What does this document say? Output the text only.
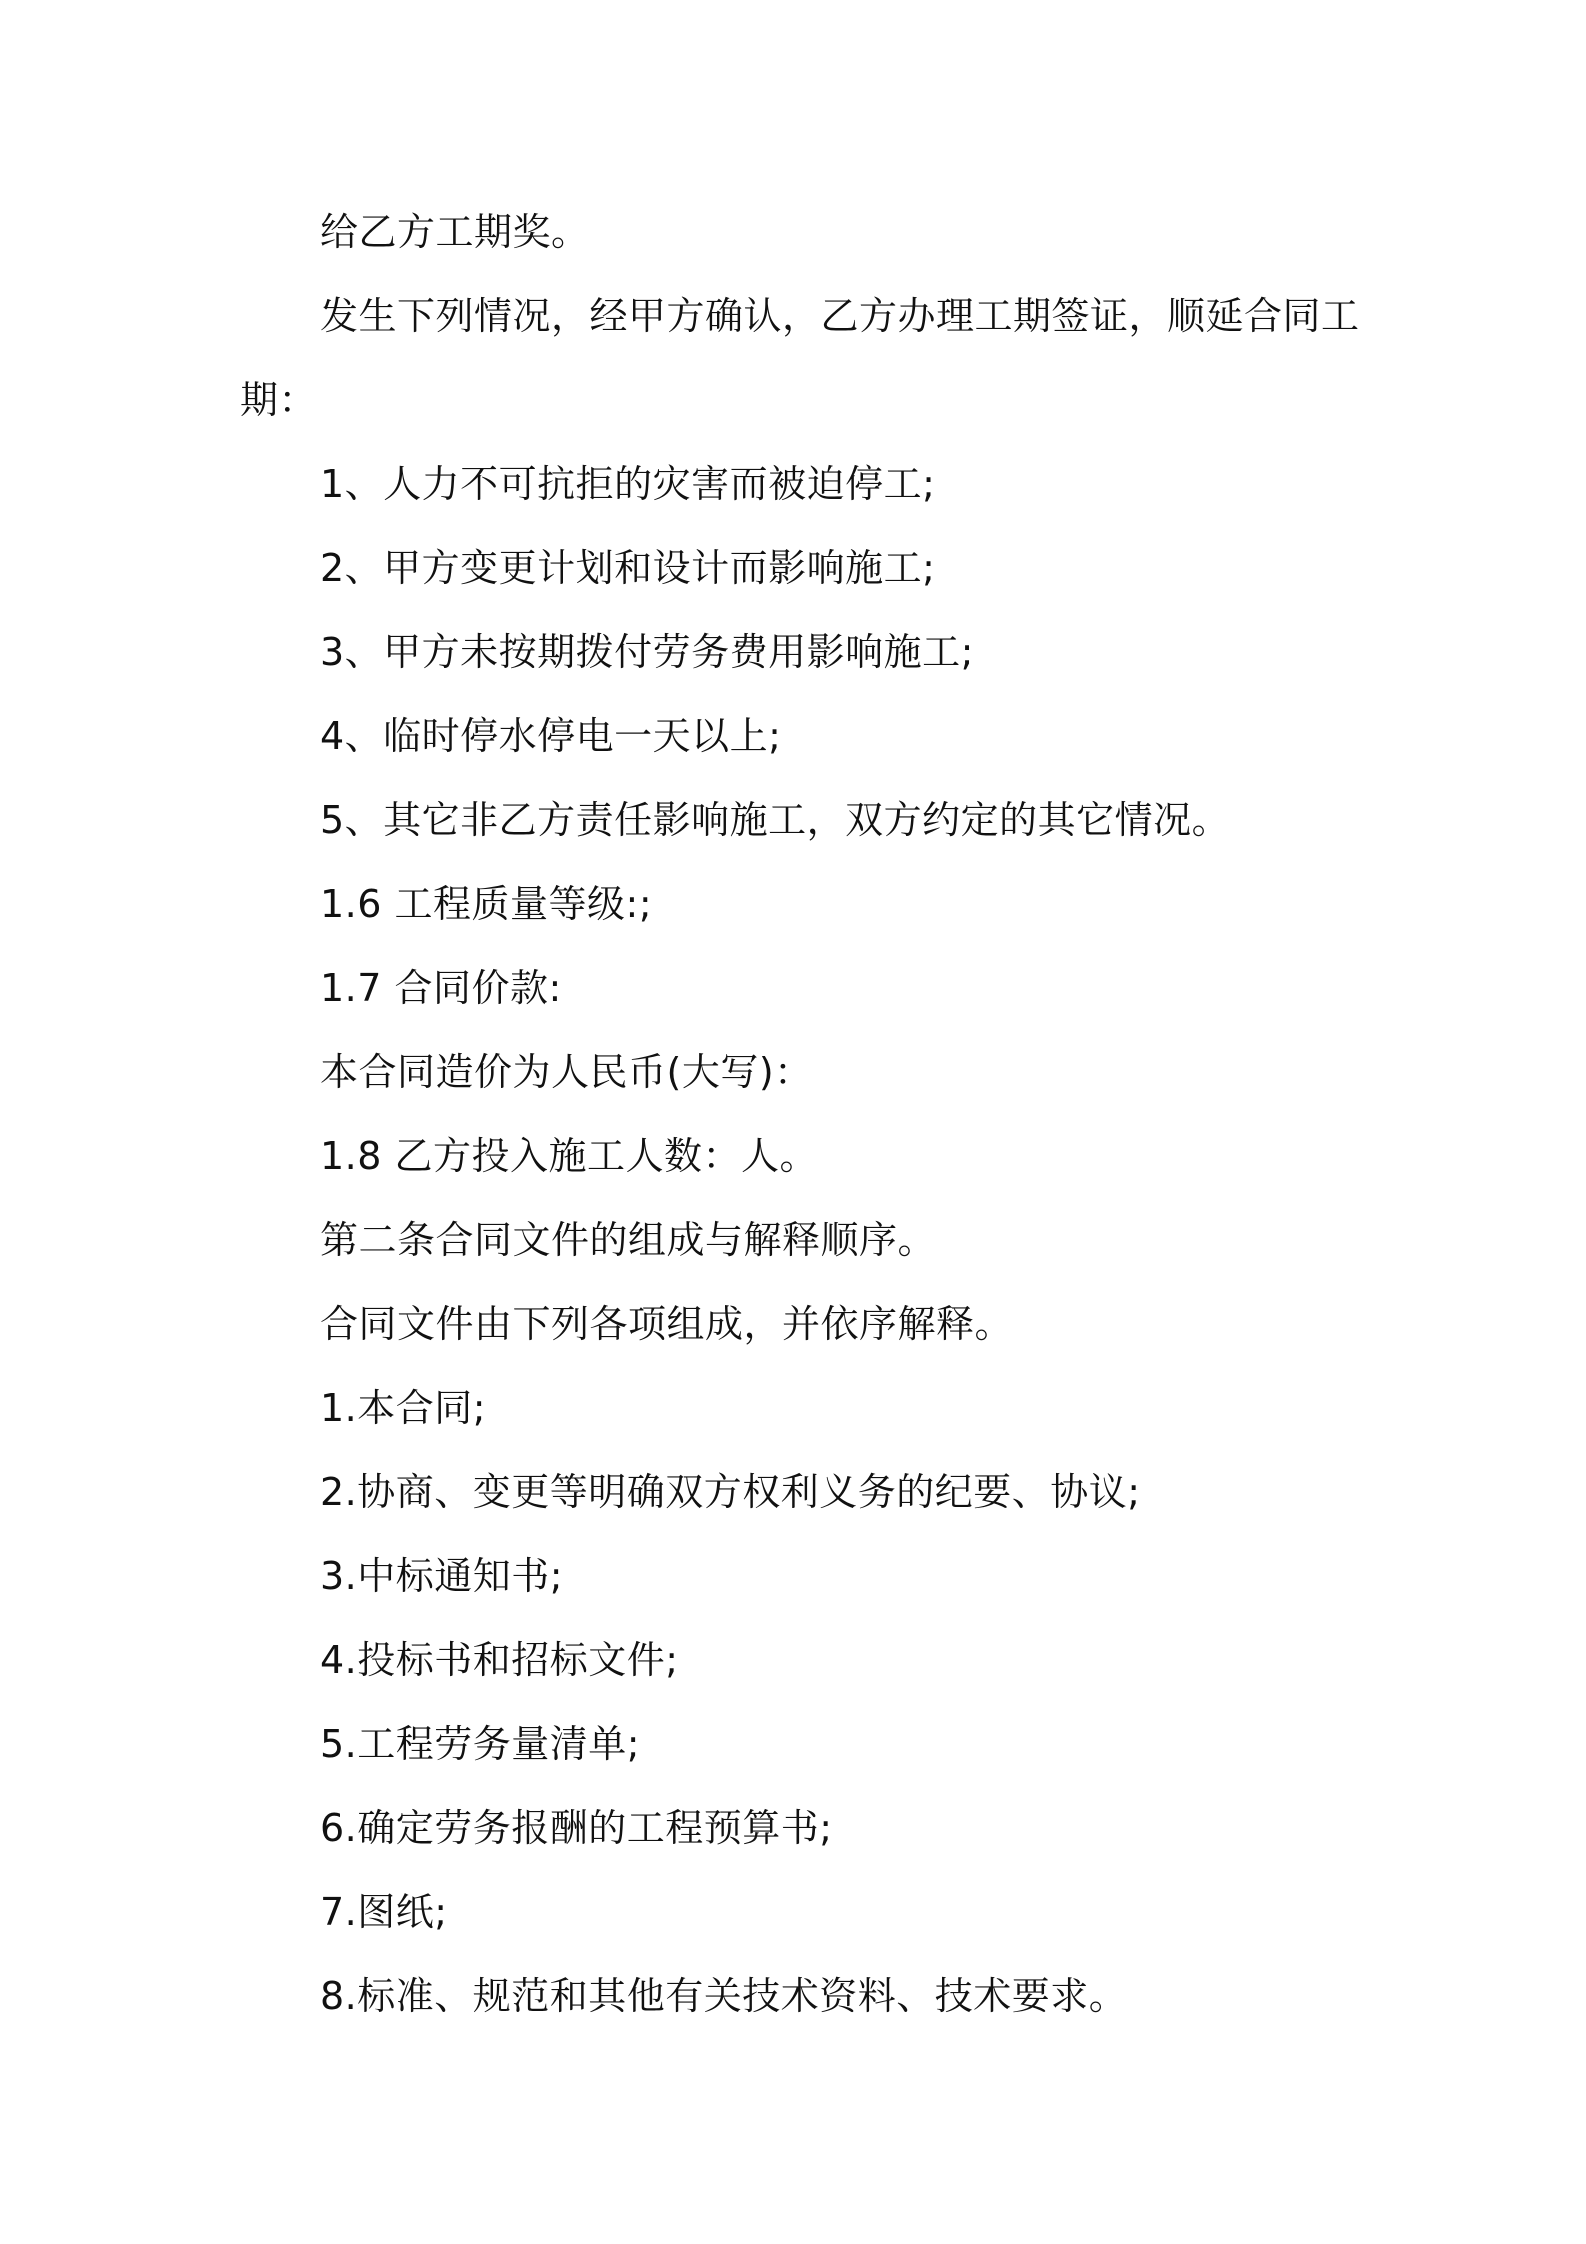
给乙方工期奖。

发生下列情况，经甲方确认，乙方办理工期签证，顺延合同工期：

1、人力不可抗拒的灾害而被迫停工;

2、甲方变更计划和设计而影响施工;

3、甲方未按期拨付劳务费用影响施工;

4、临时停水停电一天以上;

5、其它非乙方责任影响施工，双方约定的其它情况。

1.6 工程质量等级:;

1.7 合同价款:

本合同造价为人民币(大写)：

1.8 乙方投入施工人数：人。

第二条合同文件的组成与解释顺序。

合同文件由下列各项组成，并依序解释。

1.本合同;

2.协商、变更等明确双方权利义务的纪要、协议;

3.中标通知书;

4.投标书和招标文件;

5.工程劳务量清单;

6.确定劳务报酬的工程预算书;

7.图纸;

8.标准、规范和其他有关技术资料、技术要求。
